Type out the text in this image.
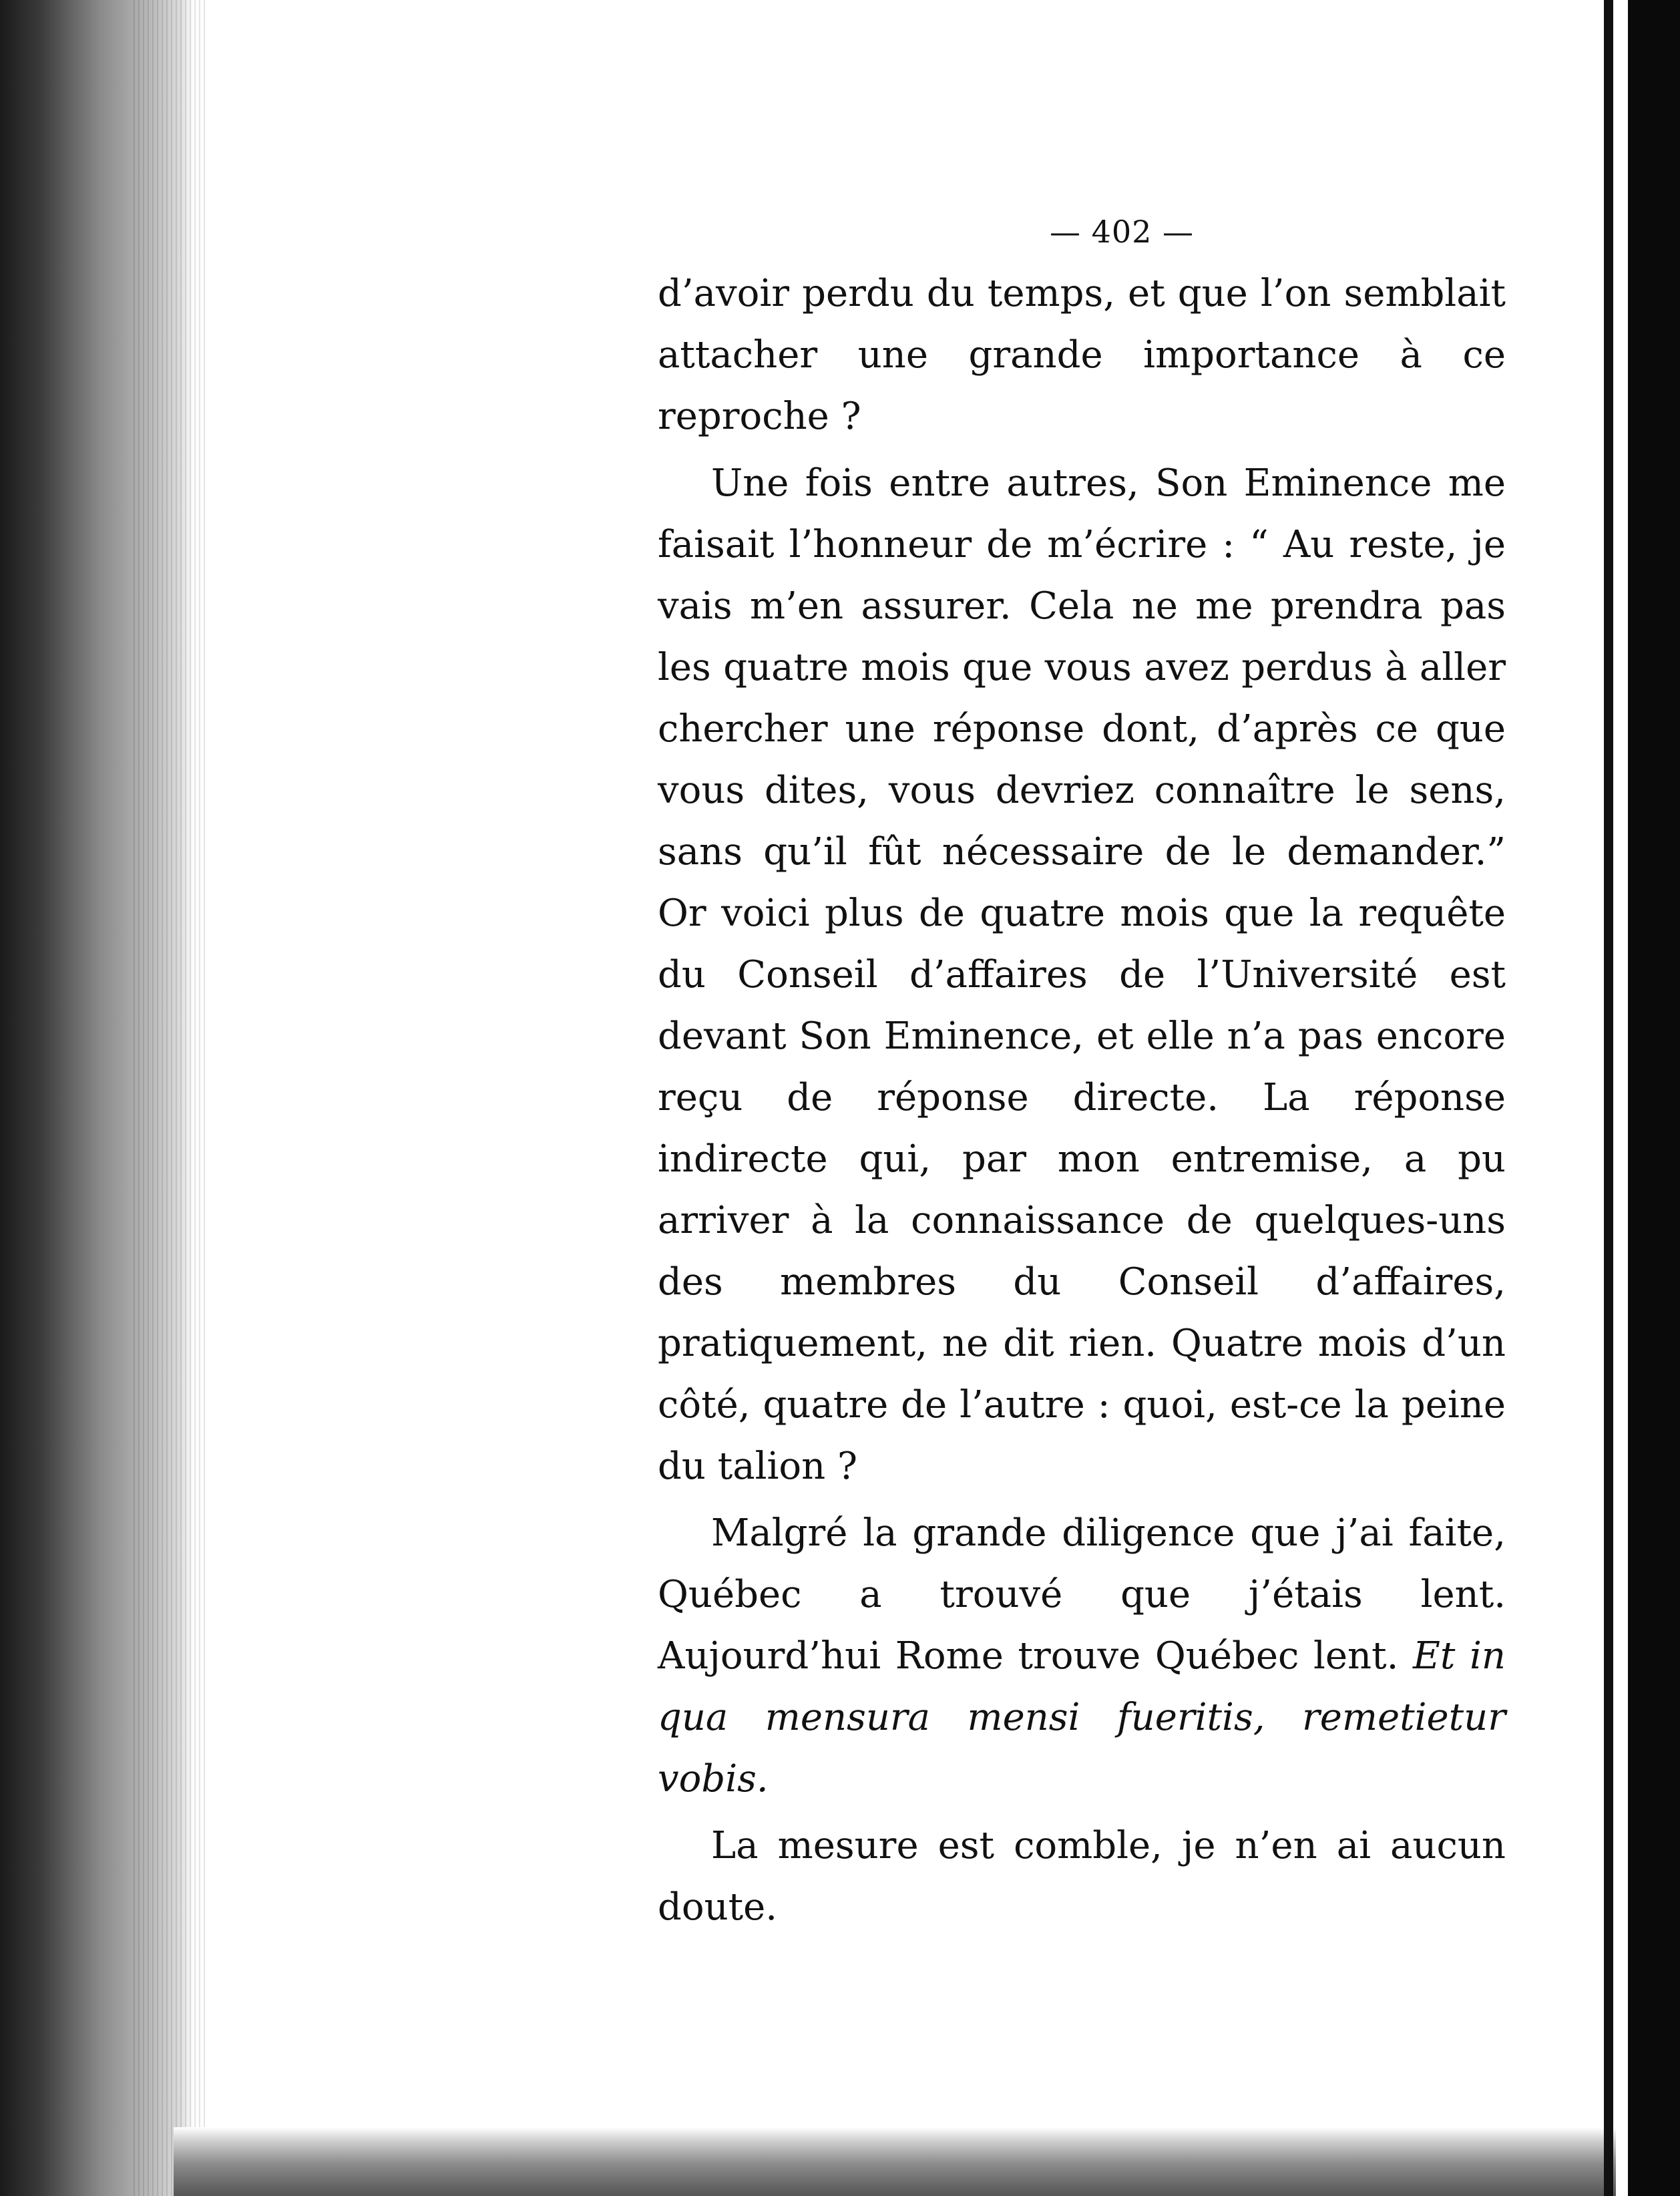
— 402 —

d’avoir perdu du temps, et que l’on semblait attacher une grande importance à ce reproche ?

Une fois entre autres, Son Eminence me faisait l’honneur de m’écrire : “ Au reste, je vais m’en assurer. Cela ne me prendra pas les quatre mois que vous avez perdus à aller chercher une réponse dont, d’après ce que vous dites, vous devriez connaître le sens, sans qu’il fût nécessaire de le demander.” Or voici plus de quatre mois que la requête du Conseil d’affaires de l’Université est devant Son Eminence, et elle n’a pas encore reçu de réponse directe. La réponse indirecte qui, par mon entremise, a pu arriver à la connaissance de quelques-uns des membres du Conseil d’affaires, pratiquement, ne dit rien. Quatre mois d’un côté, quatre de l’autre : quoi, est-ce la peine du talion ?

Malgré la grande diligence que j’ai faite, Québec a trouvé que j’étais lent. Aujourd’hui Rome trouve Québec lent. Et in qua mensura mensi fueritis, remetietur vobis.

La mesure est comble, je n’en ai aucun doute.
